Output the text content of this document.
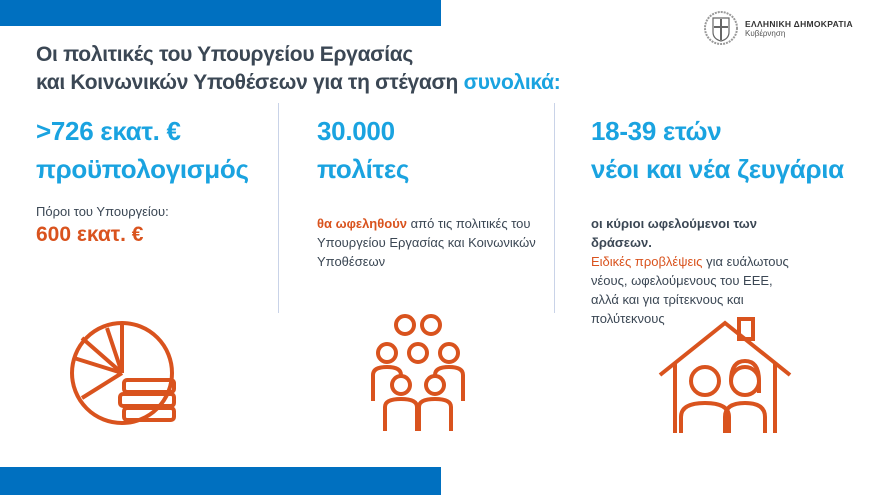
ΕΛΛΗΝΙΚΗ ΔΗΜΟΚΡΑΤΙΑ
Κυβέρνηση
Οι πολιτικές του Υπουργείου Εργασίας
και Κοινωνικών Υποθέσεων για τη στέγαση συνολικά:
>726 εκατ. €
προϋπολογισμός
Πόροι του Υπουργείου:
600 εκατ. €
30.000
πολίτες
θα ωφεληθούν από τις πολιτικές του Υπουργείου Εργασίας και Κοινωνικών Υποθέσεων
18-39 ετών
νέοι και νέα ζευγάρια
οι κύριοι ωφελούμενοι των δράσεων.
Ειδικές προβλέψεις για ευάλωτους νέους, ωφελούμενους του ΕΕΕ, αλλά και για τρίτεκνους και πολύτεκνους
